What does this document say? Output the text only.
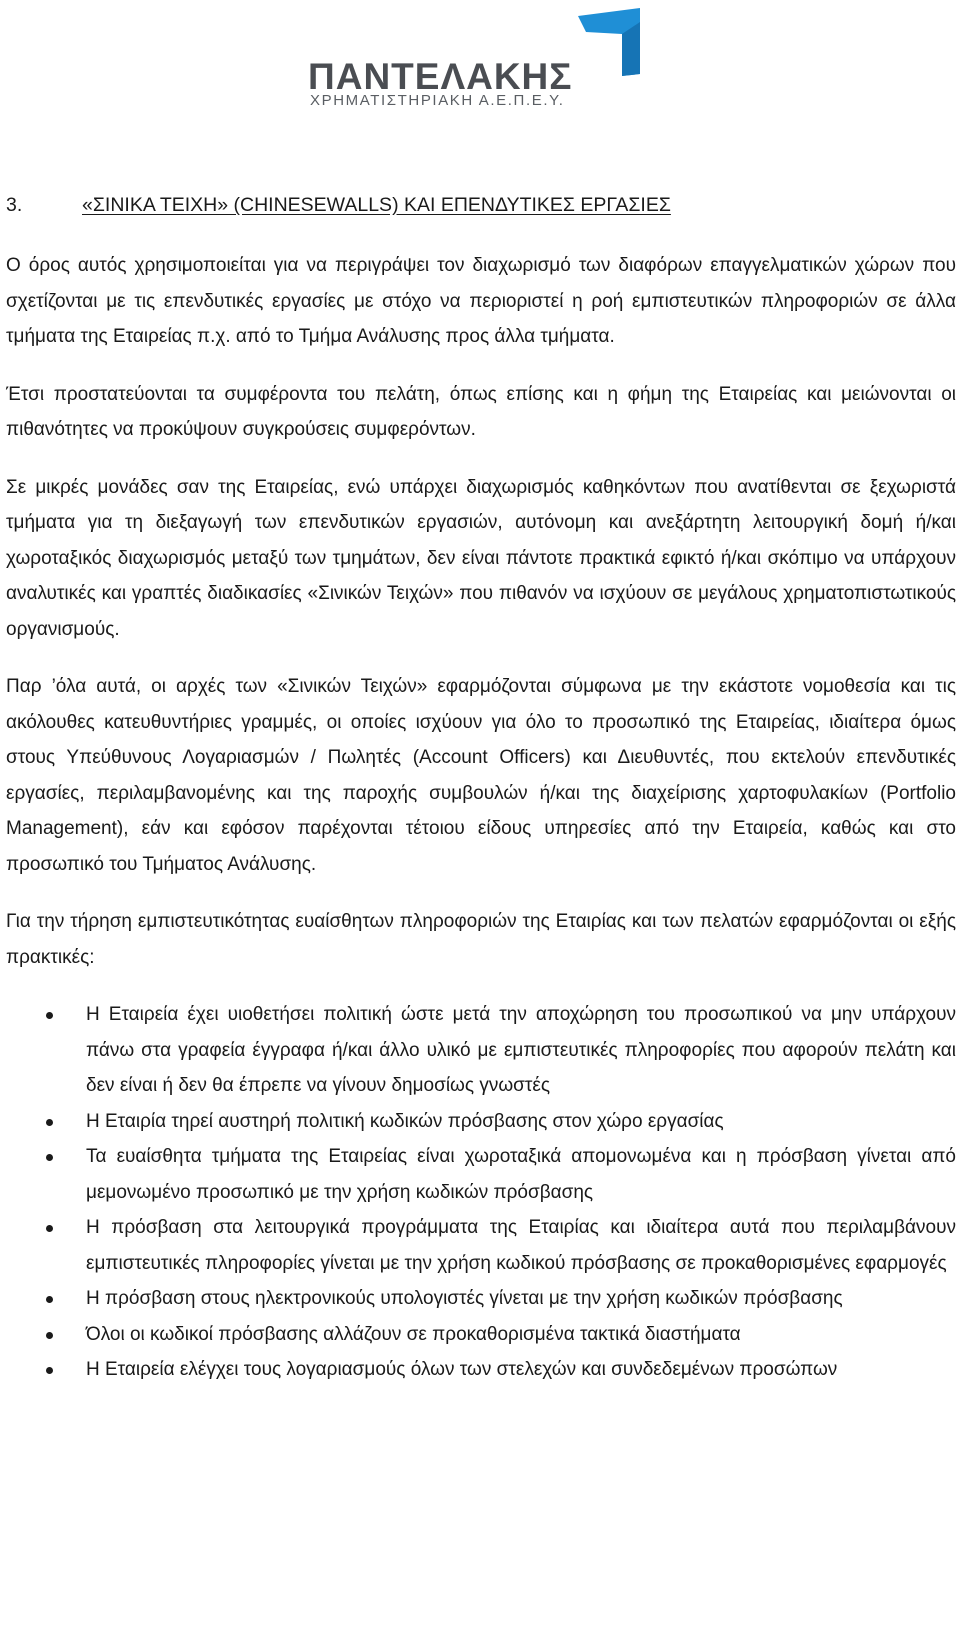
ΠΑΝΤΕΛΑΚΗΣ
ΧΡΗΜΑΤΙΣΤΗΡΙΑΚΗ Α.Ε.Π.Ε.Υ.
3.	«ΣΙΝΙΚΑ ΤΕΙΧΗ» (CHINESEWALLS) ΚΑΙ ΕΠΕΝΔΥΤΙΚΕΣ ΕΡΓΑΣΙΕΣ

Ο όρος αυτός χρησιμοποιείται για να περιγράψει τον διαχωρισμό των διαφόρων επαγγελματικών χώρων που σχετίζονται με τις επενδυτικές εργασίες με στόχο να περιοριστεί η ροή εμπιστευτικών πληροφοριών σε άλλα τμήματα της Εταιρείας π.χ. από το Τμήμα Ανάλυσης προς άλλα τμήματα.

Έτσι προστατεύονται τα συμφέροντα του πελάτη, όπως επίσης και η φήμη της Εταιρείας και μειώνονται οι πιθανότητες να προκύψουν συγκρούσεις συμφερόντων.

Σε μικρές μονάδες σαν της Εταιρείας, ενώ υπάρχει διαχωρισμός καθηκόντων που ανατίθενται σε ξεχωριστά τμήματα για τη διεξαγωγή των επενδυτικών εργασιών, αυτόνομη και ανεξάρτητη λειτουργική δομή ή/και χωροταξικός διαχωρισμός μεταξύ των τμημάτων, δεν είναι πάντοτε πρακτικά εφικτό ή/και σκόπιμο να υπάρχουν αναλυτικές και γραπτές διαδικασίες «Σινικών Τειχών» που πιθανόν να ισχύουν σε μεγάλους χρηματοπιστωτικούς οργανισμούς.

Παρ ’όλα αυτά, οι αρχές των «Σινικών Τειχών» εφαρμόζονται σύμφωνα με την εκάστοτε νομοθεσία και τις ακόλουθες κατευθυντήριες γραμμές, οι οποίες ισχύουν για όλο το προσωπικό της Εταιρείας, ιδιαίτερα όμως στους Υπεύθυνους Λογαριασμών / Πωλητές (Account Officers) και Διευθυντές, που εκτελούν επενδυτικές εργασίες, περιλαμβανομένης και της παροχής συμβουλών ή/και της διαχείρισης χαρτοφυλακίων (Portfolio Management), εάν και εφόσον παρέχονται τέτοιου είδους υπηρεσίες από την Εταιρεία, καθώς και στο προσωπικό του Τμήματος Ανάλυσης.

Για την τήρηση εμπιστευτικότητας ευαίσθητων πληροφοριών της Εταιρίας και των πελατών εφαρμόζονται οι εξής πρακτικές:

Η Εταιρεία έχει υιοθετήσει πολιτική ώστε μετά την αποχώρηση του προσωπικού να μην υπάρχουν πάνω στα γραφεία έγγραφα ή/και άλλο υλικό με εμπιστευτικές πληροφορίες που αφορούν πελάτη και δεν είναι ή δεν θα έπρεπε να γίνουν δημοσίως γνωστές
Η Εταιρία τηρεί αυστηρή πολιτική κωδικών πρόσβασης στον χώρο εργασίας
Τα ευαίσθητα τμήματα της Εταιρείας είναι χωροταξικά απομονωμένα και η πρόσβαση γίνεται από μεμονωμένο προσωπικό με την χρήση κωδικών πρόσβασης
Η πρόσβαση στα λειτουργικά προγράμματα της Εταιρίας και ιδιαίτερα αυτά που περιλαμβάνουν εμπιστευτικές πληροφορίες γίνεται με την χρήση κωδικού πρόσβασης σε προκαθορισμένες εφαρμογές
Η πρόσβαση στους ηλεκτρονικούς υπολογιστές γίνεται με την χρήση κωδικών πρόσβασης
Όλοι οι κωδικοί πρόσβασης αλλάζουν σε προκαθορισμένα τακτικά διαστήματα
Η Εταιρεία ελέγχει τους λογαριασμούς όλων των στελεχών και συνδεδεμένων προσώπων
